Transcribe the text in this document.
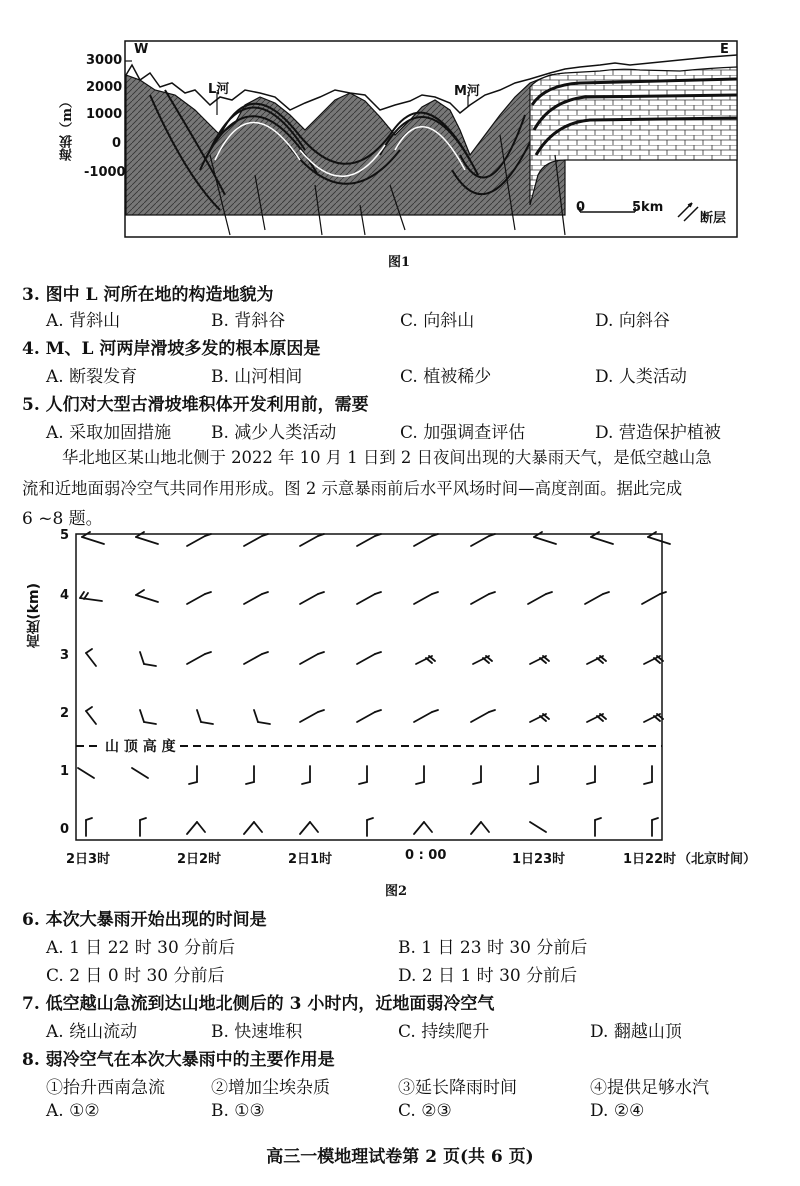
W	E
海拔（m）
3000
2000
1000
0
-1000
L河	M河
0	5km
断层
图1
3. 图中 L 河所在地的构造地貌为
A. 背斜山	B. 背斜谷	C. 向斜山	D. 向斜谷
4. M、L 河两岸滑坡多发的根本原因是
A. 断裂发育	B. 山河相间	C. 植被稀少	D. 人类活动
5. 人们对大型古滑坡堆积体开发利用前，需要
A. 采取加固措施 B. 减少人类活动	C. 加强调查评估	D. 营造保护植被
华北地区某山地北侧于 2022 年 10 月 1 日到 2 日夜间出现的大暴雨天气，是低空越山急
流和近地面弱冷空气共同作用形成。图 2 示意暴雨前后水平风场时间—高度剖面。据此完成
6 ~8 题。
高度(km)
5
4
3
2
1
0
山 顶 高 度
2日3时	2日2时	2日1时	0 : 00	1日23时	1日22时 （北京时间）
图2
6. 本次大暴雨开始出现的时间是
A. 1 日 22 时 30 分前后	B. 1 日 23 时 30 分前后
C. 2 日 0 时 30 分前后	D. 2 日 1 时 30 分前后
7. 低空越山急流到达山地北侧后的 3 小时内，近地面弱冷空气
A. 绕山流动	B. 快速堆积	C. 持续爬升	D. 翻越山顶
8. 弱冷空气在本次大暴雨中的主要作用是
①抬升西南急流	②增加尘埃杂质	③延长降雨时间	④提供足够水汽
A. ①②	B. ①③	C. ②③	D. ②④
高三一模地理试卷第 2 页(共 6 页)
